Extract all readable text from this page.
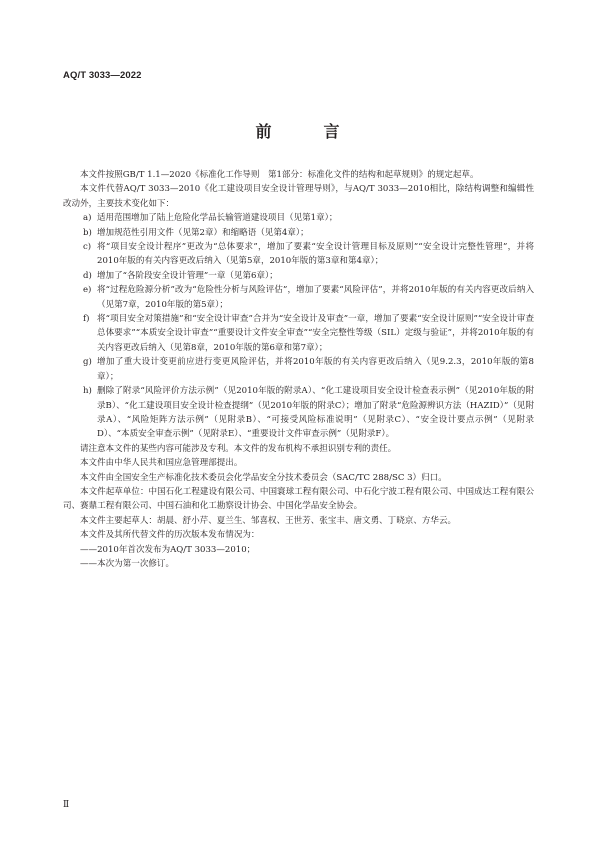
AQ/T 3033—2022
前　言

本文件按照GB/T 1.1—2020《标准化工作导则　第1部分：标准化文件的结构和起草规则》的规定起草。

本文件代替AQ/T 3033—2010《化工建设项目安全设计管理导则》，与AQ/T 3033—2010相比，除结构调整和编辑性改动外，主要技术变化如下：

a) 适用范围增加了陆上危险化学品长输管道建设项目（见第1章）；
b) 增加规范性引用文件（见第2章）和缩略语（见第4章）；
c) 将“项目安全设计程序”更改为“总体要求”，增加了要素“安全设计管理目标及原则”“安全设计完整性管理”，并将2010年版的有关内容更改后纳入（见第5章，2010年版的第3章和第4章）；
d) 增加了“各阶段安全设计管理”一章（见第6章）；
e) 将“过程危险源分析”改为“危险性分析与风险评估”，增加了要素“风险评估”，并将2010年版的有关内容更改后纳入（见第7章，2010年版的第5章）；
f) 将“项目安全对策措施”和“安全设计审查”合并为“安全设计及审查”一章，增加了要素“安全设计原则”“安全设计审查总体要求”“本质安全设计审查”“重要设计文件安全审查”“安全完整性等级（SIL）定级与验证”，并将2010年版的有关内容更改后纳入（见第8章，2010年版的第6章和第7章）；
g) 增加了重大设计变更前应进行变更风险评估，并将2010年版的有关内容更改后纳入（见9.2.3，2010年版的第8章）；
h) 删除了附录“风险评价方法示例”（见2010年版的附录A）、“化工建设项目安全设计检查表示例”（见2010年版的附录B）、“化工建设项目安全设计检查提纲”（见2010年版的附录C）；增加了附录“危险源辨识方法（HAZID）”（见附录A）、“风险矩阵方法示例”（见附录B）、“可接受风险标准说明”（见附录C）、“安全设计要点示例”（见附录D）、“本质安全审查示例”（见附录E）、“重要设计文件审查示例”（见附录F）。

请注意本文件的某些内容可能涉及专利。本文件的发布机构不承担识别专利的责任。

本文件由中华人民共和国应急管理部提出。

本文件由全国安全生产标准化技术委员会化学品安全分技术委员会（SAC/TC 288/SC 3）归口。

本文件起草单位：中国石化工程建设有限公司、中国寰球工程有限公司、中石化宁波工程有限公司、中国成达工程有限公司、赛鼎工程有限公司、中国石油和化工勘察设计协会、中国化学品安全协会。

本文件主要起草人：胡晨、舒小芹、夏兰生、邹喜权、王世芳、张宝丰、唐文勇、丁晓京、方华云。

本文件及其所代替文件的历次版本发布情况为：

——2010年首次发布为AQ/T 3033—2010；

——本次为第一次修订。

Ⅱ
